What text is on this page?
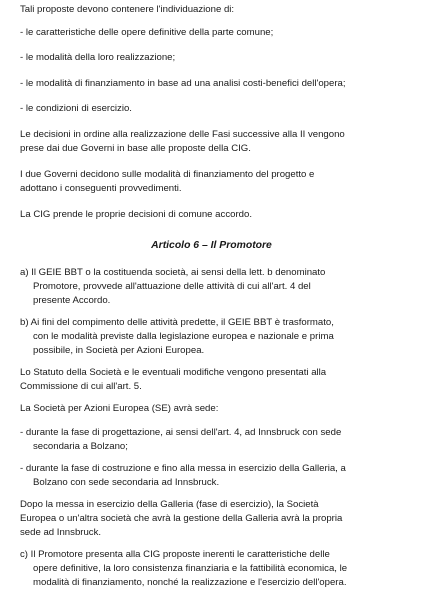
Tali proposte devono contenere l'individuazione di:
- le caratteristiche delle opere definitive della parte comune;
- le modalità della loro realizzazione;
- le modalità di finanziamento in base ad una analisi costi-benefici dell'opera;
- le condizioni di esercizio.
Le decisioni in ordine alla realizzazione delle Fasi successive alla II vengono
prese dai due Governi in base alle proposte della CIG.
I due Governi decidono sulle modalità di finanziamento del progetto e
adottano i conseguenti provvedimenti.
La CIG prende le proprie decisioni di comune accordo.
Articolo 6 – Il Promotore
a) Il GEIE BBT o la costituenda società, ai sensi della lett. b denominato
Promotore, provvede all'attuazione delle attività di cui all'art. 4 del
presente Accordo.
b) Ai fini del compimento delle attività predette, il GEIE BBT è trasformato,
con le modalità previste dalla legislazione europea e nazionale e prima
possibile, in Società per Azioni Europea.
Lo Statuto della Società e le eventuali modifiche vengono presentati alla
Commissione di cui all'art. 5.
La Società per Azioni Europea (SE) avrà sede:
- durante la fase di progettazione, ai sensi dell'art. 4, ad Innsbruck con sede
secondaria a Bolzano;
- durante la fase di costruzione e fino alla messa in esercizio della Galleria, a
Bolzano con sede secondaria ad Innsbruck.
Dopo la messa in esercizio della Galleria (fase di esercizio), la Società
Europea o un'altra società che avrà la gestione della Galleria avrà la propria
sede ad Innsbruck.
c) Il Promotore presenta alla CIG proposte inerenti le caratteristiche delle
opere definitive, la loro consistenza finanziaria e la fattibilità economica, le
modalità di finanziamento, nonché la realizzazione e l'esercizio dell'opera.
